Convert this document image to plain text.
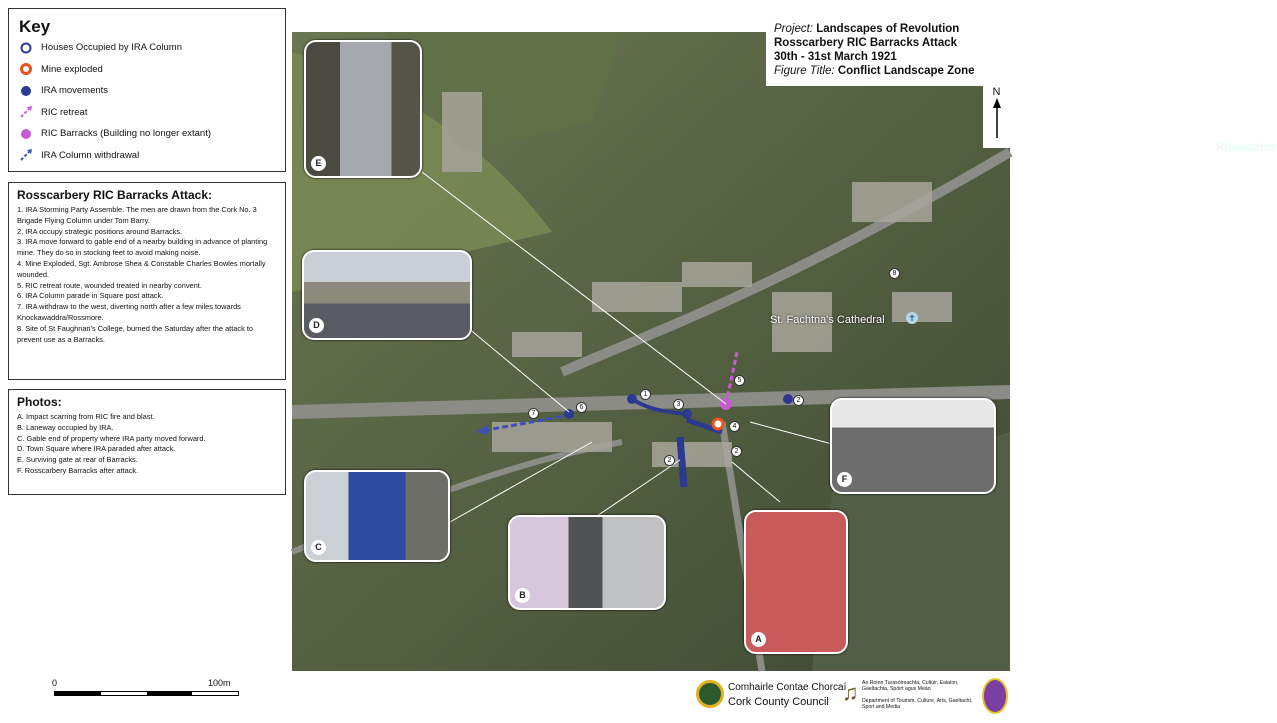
Key
Houses Occupied by IRA Column
Mine exploded
IRA movements
RIC retreat
RIC Barracks (Building no longer extant)
IRA Column withdrawal
Rosscarbery RIC Barracks Attack:
1. IRA Storming Party Assemble. The men are drawn from the Cork No. 3 Brigade Flying Column under Tom Barry.
2. IRA occupy strategic positions around Barracks.
3. IRA move forward to gable end of a nearby building in advance of planting mine. They do so in stocking feet to avoid making noise.
4. Mine Exploded, Sgt. Ambrose Shea & Constable Charles Bowles mortally wounded.
5. RIC retreat route, wounded treated in nearby convent.
6. IRA Column parade in Square post attack.
7. IRA withdraw to the west, diverting north after a few miles towards Knockawaddra/Rossmore.
8. Site of St Faughnan's College, burned the Saturday after the attack to prevent use as a Barracks.
Photos:
A. Impact scarring from RIC fire and blast.
B. Laneway occupied by IRA.
C. Gable end of property where IRA party moved forward.
D. Town Square where IRA paraded after attack.
E. Surviving gate at rear of Barracks.
F. Rosscarbery Barracks after attack.
Rosscarber
St. Fachtna's Cathedral	✝
E
D
C
B
A
F
1
2
2
2
3
4
5
6
7
8
Project: Landscapes of Revolution
Rosscarbery RIC Barracks Attack
30th - 31st March 1921
Figure Title: Conflict Landscape Zone
N
0	100m	Comhairle Contae Chorcaí
Cork County Council ♫ An Roinn Turasóireachta, Cultúir, Ealaíon, Gaeltachta, Spóirt agus Meán
Department of Tourism, Culture, Arts, Gaeltacht, Sport and Media
